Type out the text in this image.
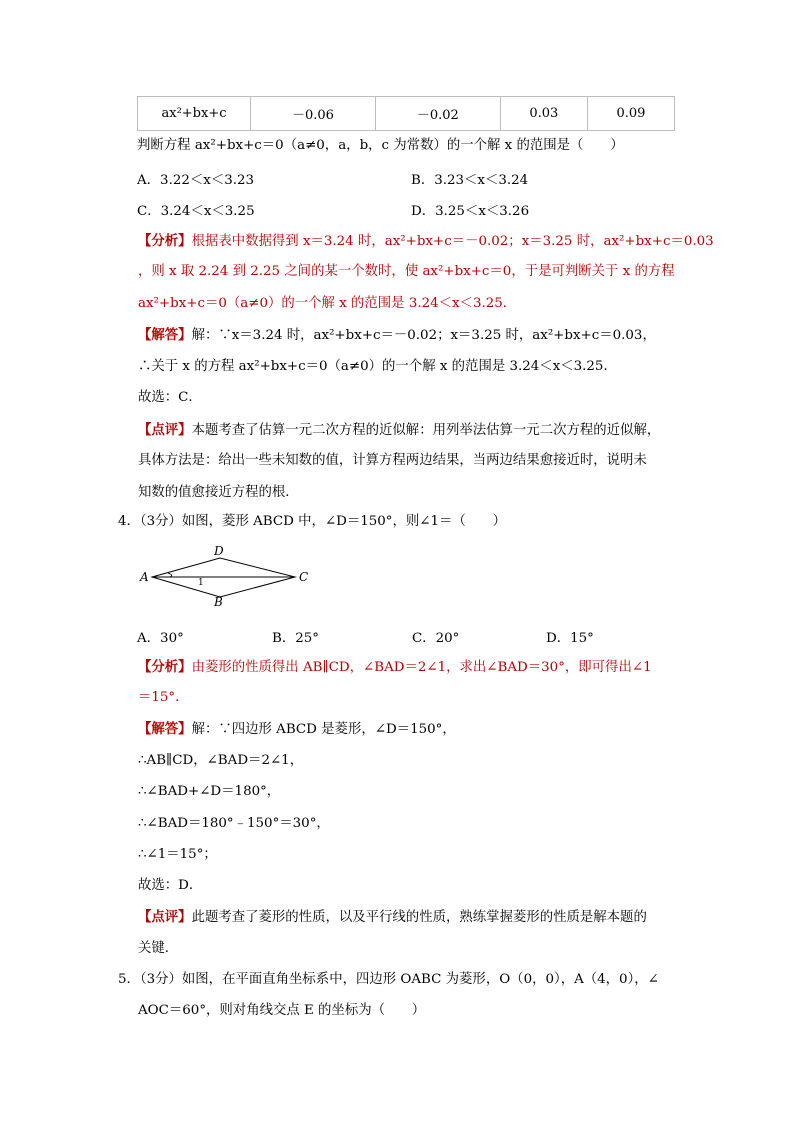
ax²+bx+c	－0.06	－0.02	0.03	0.09
判断方程 ax²+bx+c＝0（a≠0，a，b，c 为常数）的一个解 x 的范围是（　　）
A．3.22＜x＜3.23	B．3.23＜x＜3.24
C．3.24＜x＜3.25	D．3.25＜x＜3.26
【分析】根据表中数据得到 x＝3.24 时，ax²+bx+c＝－0.02；x＝3.25 时，ax²+bx+c＝0.03
，则 x 取 2.24 到 2.25 之间的某一个数时，使 ax²+bx+c＝0，于是可判断关于 x 的方程
ax²+bx+c＝0（a≠0）的一个解 x 的范围是 3.24＜x＜3.25．
【解答】解：∵x＝3.24 时，ax²+bx+c＝－0.02；x＝3.25 时，ax²+bx+c＝0.03，
∴关于 x 的方程 ax²+bx+c＝0（a≠0）的一个解 x 的范围是 3.24＜x＜3.25．
故选：C．
【点评】本题考查了估算一元二次方程的近似解：用列举法估算一元二次方程的近似解，
具体方法是：给出一些未知数的值，计算方程两边结果，当两边结果愈接近时，说明未
知数的值愈接近方程的根．
4．（3分）如图，菱形 ABCD 中，∠D＝150°，则∠1＝（　　）
A
D
C
B
1
A．30°	B．25°	C．20°	D．15°
【分析】由菱形的性质得出 AB∥CD，∠BAD＝2∠1，求出∠BAD＝30°，即可得出∠1
＝15°．
【解答】解：∵四边形 ABCD 是菱形，∠D＝150°，
∴AB∥CD，∠BAD＝2∠1，
∴∠BAD+∠D＝180°，
∴∠BAD＝180°﹣150°＝30°，
∴∠1＝15°；
故选：D．
【点评】此题考查了菱形的性质，以及平行线的性质，熟练掌握菱形的性质是解本题的
关键．
5．（3分）如图，在平面直角坐标系中，四边形 OABC 为菱形，O（0，0），A（4，0），∠
AOC＝60°，则对角线交点 E 的坐标为（　　）
